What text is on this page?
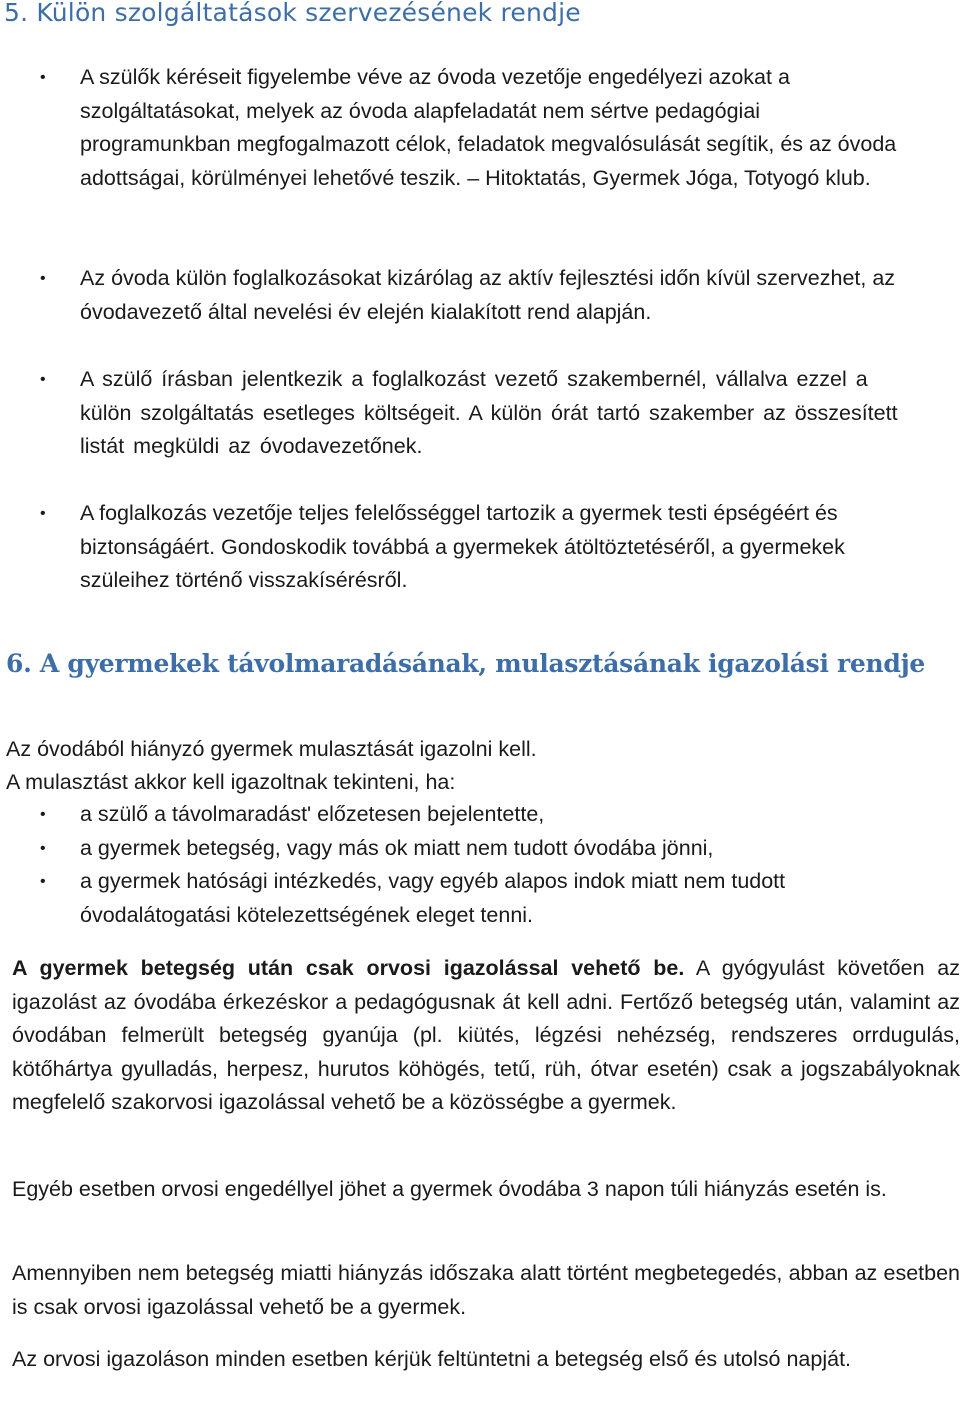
5. Külön szolgáltatások szervezésének rendje
• A szülők kéréseit figyelembe véve az óvoda vezetője engedélyezi azokat a szolgáltatásokat, melyek az óvoda alapfeladatát nem sértve pedagógiai programunkban megfogalmazott célok, feladatok megvalósulását segítik, és az óvoda adottságai, körülményei lehetővé teszik. – Hitoktatás, Gyermek Jóga, Totyogó klub.
• Az óvoda külön foglalkozásokat kizárólag az aktív fejlesztési időn kívül szervezhet, az óvodavezető által nevelési év elején kialakított rend alapján.
• A szülő írásban jelentkezik a foglalkozást vezető szakembernél, vállalva ezzel a külön szolgáltatás esetleges költségeit. A külön órát tartó szakember az összesített listát megküldi az óvodavezetőnek.
• A foglalkozás vezetője teljes felelősséggel tartozik a gyermek testi épségéért és biztonságáért. Gondoskodik továbbá a gyermekek átöltöztetéséről, a gyermekek szüleihez történő visszakísérésről.
6. A gyermekek távolmaradásának, mulasztásának igazolási rendje

Az óvodából hiányzó gyermek mulasztását igazolni kell.

A mulasztást akkor kell igazoltnak tekinteni, ha:

• a szülő a távolmaradást' előzetesen bejelentette,
• a gyermek betegség, vagy más ok miatt nem tudott óvodába jönni,
• a gyermek hatósági intézkedés, vagy egyéb alapos indok miatt nem tudott óvodalátogatási kötelezettségének eleget tenni.

A gyermek betegség után csak orvosi igazolással vehető be. A gyógyulást követően az igazolást az óvodába érkezéskor a pedagógusnak át kell adni. Fertőző betegség után, valamint az óvodában felmerült betegség gyanúja (pl. kiütés, légzési nehézség, rendszeres orrdugulás, kötőhártya gyulladás, herpesz, hurutos köhögés, tetű, rüh, ótvar esetén) csak a jogszabályoknak megfelelő szakorvosi igazolással vehető be a közösségbe a gyermek.

Egyéb esetben orvosi engedéllyel jöhet a gyermek óvodába 3 napon túli hiányzás esetén is.

Amennyiben nem betegség miatti hiányzás időszaka alatt történt megbetegedés, abban az esetben is csak orvosi igazolással vehető be a gyermek.

Az orvosi igazoláson minden esetben kérjük feltüntetni a betegség első és utolsó napját.
